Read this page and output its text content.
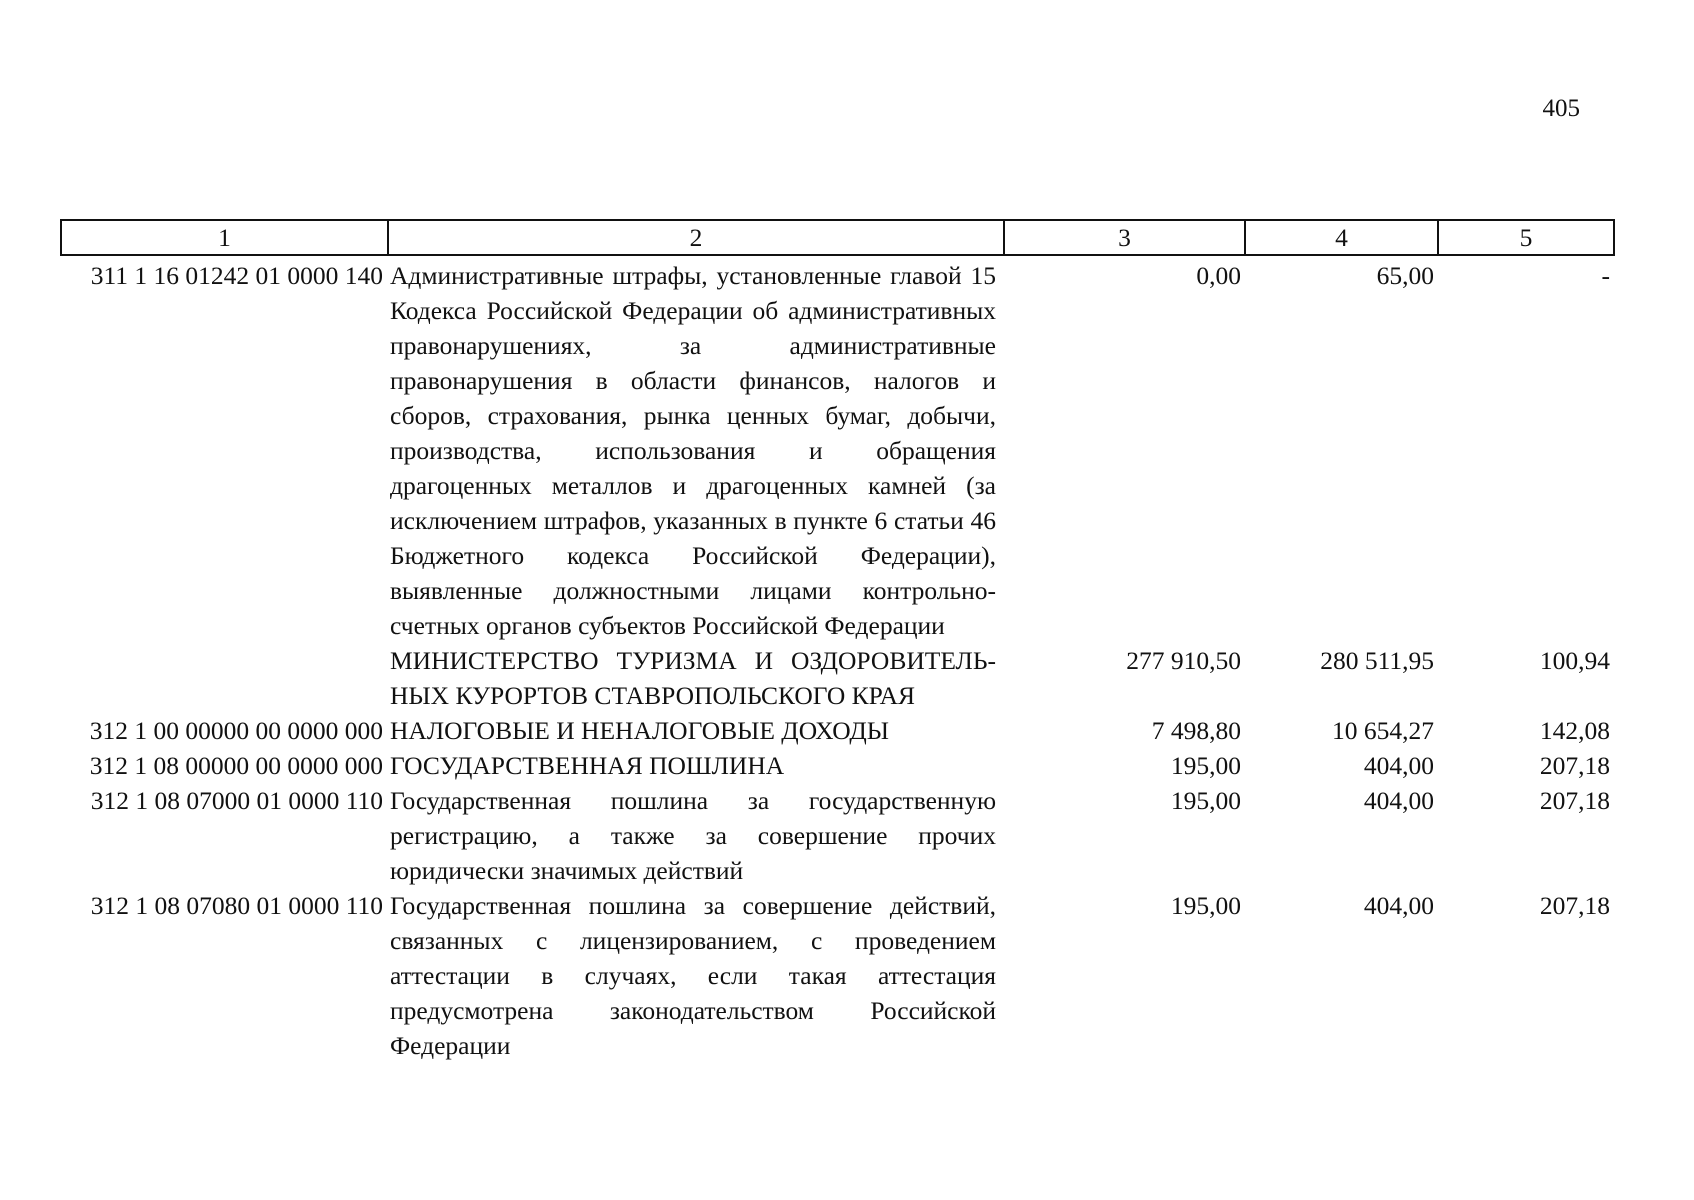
405
1	2	3	4	5
311 1 16 01242 01 0000 140	Административные штрафы, установленные главой 15 Кодекса Российской Федерации об административных правонарушениях, за административные правонарушения в области финансов, налогов и сборов, страхования, рынка ценных бумаг, добычи, производства, использования и обращения драгоценных металлов и драгоценных камней (за исключением штрафов, указанных в пункте 6 статьи 46 Бюджетного кодекса Российской Федерации), выявленные должностными лицами контрольно-счетных органов субъектов Российской Федерации	0,00	65,00	-
	МИНИСТЕРСТВО ТУРИЗМА И ОЗДОРОВИТЕЛЬ-НЫХ КУРОРТОВ СТАВРОПОЛЬСКОГО КРАЯ	277 910,50	280 511,95	100,94
312 1 00 00000 00 0000 000	НАЛОГОВЫЕ И НЕНАЛОГОВЫЕ ДОХОДЫ	7 498,80	10 654,27	142,08
312 1 08 00000 00 0000 000	ГОСУДАРСТВЕННАЯ ПОШЛИНА	195,00	404,00	207,18
312 1 08 07000 01 0000 110	Государственная пошлина за государственную регистрацию, а также за совершение прочих юридически значимых действий	195,00	404,00	207,18
312 1 08 07080 01 0000 110	Государственная пошлина за совершение действий, связанных с лицензированием, с проведением аттестации в случаях, если такая аттестация предусмотрена законодательством Российской Федерации	195,00	404,00	207,18
